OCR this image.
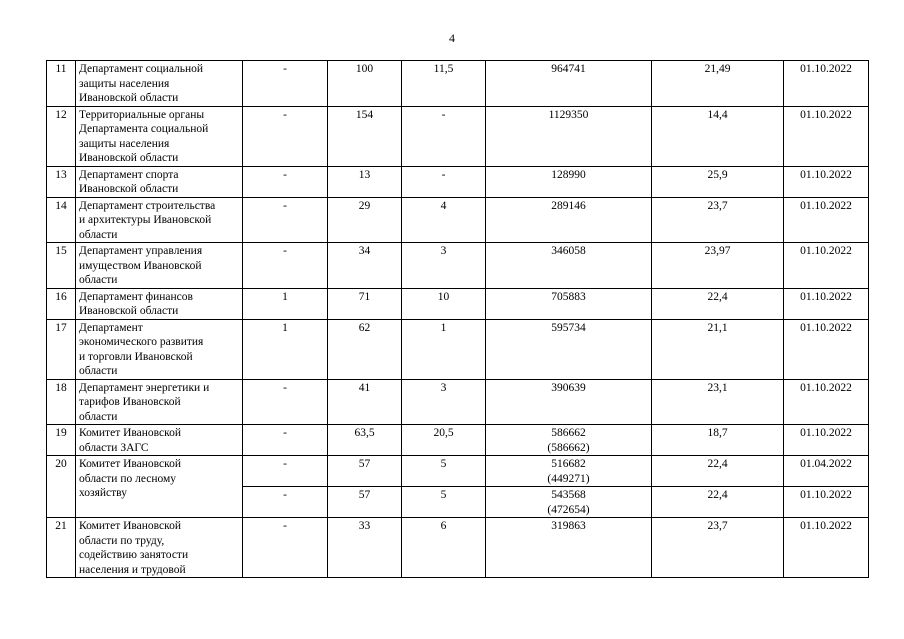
4
11	Департамент социальной
защиты населения
Ивановской области	-	100	11,5	964741	21,49	01.10.2022
12	Территориальные органы
Департамента социальной
защиты населения
Ивановской области	-	154	-	1129350	14,4	01.10.2022
13	Департамент спорта
Ивановской области	-	13	-	128990	25,9	01.10.2022
14	Департамент строительства
и архитектуры Ивановской
области	-	29	4	289146	23,7	01.10.2022
15	Департамент управления
имуществом Ивановской
области	-	34	3	346058	23,97	01.10.2022
16	Департамент финансов
Ивановской области	1	71	10	705883	22,4	01.10.2022
17	Департамент
экономического развития
и торговли Ивановской
области	1	62	1	595734	21,1	01.10.2022
18	Департамент энергетики и
тарифов Ивановской
области	-	41	3	390639	23,1	01.10.2022
19	Комитет Ивановской
области ЗАГС	-	63,5	20,5	586662
(586662)	18,7	01.10.2022
20	Комитет Ивановской
области по лесному
хозяйству	-	57	5	516682
(449271)	22,4	01.04.2022
		-	57	5	543568
(472654)	22,4	01.10.2022
21	Комитет Ивановской
области по труду,
содействию занятости
населения и трудовой	-	33	6	319863	23,7	01.10.2022
